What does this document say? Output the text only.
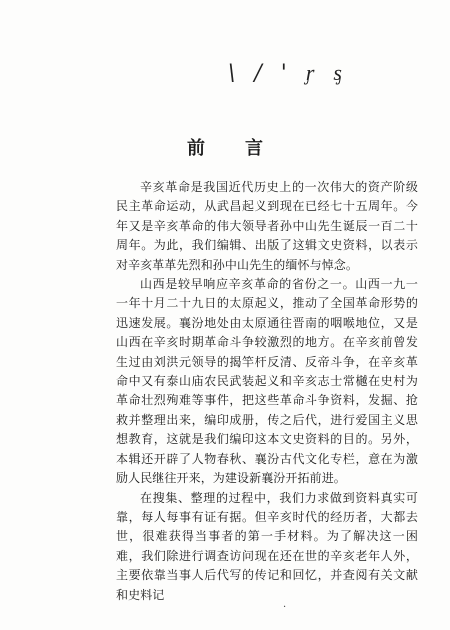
\ / ' ᶉ ᶊ
前言

辛亥革命是我国近代历史上的一次伟大的资产阶级民主革命运动，从武昌起义到现在已经七十五周年。今年又是辛亥革命的伟大领导者孙中山先生诞辰一百二十周年。为此，我们编辑、出版了这辑文史资料，以表示对辛亥革革先烈和孙中山先生的缅怀与悼念。

山西是较早响应辛亥革命的省份之一。山西一九一一年十月二十九日的太原起义，推动了全国革命形势的迅速发展。襄汾地处由太原通往晋南的咽喉地位，又是山西在辛亥时期革命斗争较激烈的地方。在辛亥前曾发生过由刘洪元领导的揭竿杆反清、反帝斗争，在辛亥革命中又有泰山庙农民武装起义和辛亥志士常樾在史村为革命壮烈殉难等事件，把这些革命斗争资料，发掘、抢救并整理出来，编印成册，传之后代，进行爱国主义思想教育，这就是我们编印这本文史资料的目的。另外，本辑还开辟了人物春秋、襄汾古代文化专栏，意在为激励人民继往开来，为建设新襄汾开拓前进。

在搜集、整理的过程中，我们力求做到资料真实可靠，每人每事有证有据。但辛亥时代的经历者，大都去世，很难获得当事者的第一手材料。为了解决这一困难，我们除进行调查访问现在还在世的辛亥老年人外，主要依靠当事人后代写的传记和回忆，并查阅有关文献和史料记

·
